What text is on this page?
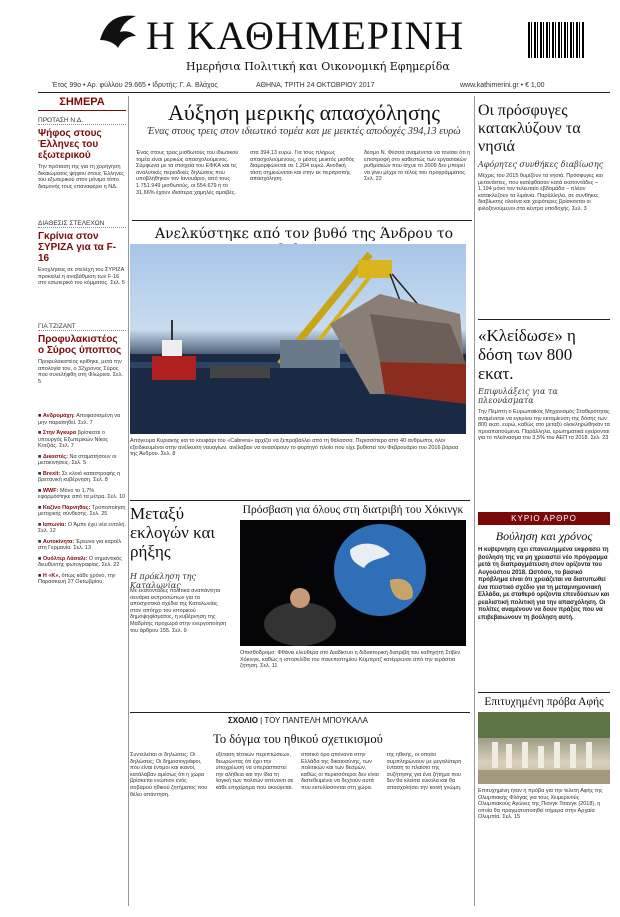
Η ΚΑΘΗΜΕΡΙΝΗ
Ημερήσια Πολιτική και Οικονομική Εφημερίδα
Έτος 99ο • Αρ. φύλλου 29.665 • Ιδρυτής: Γ. Α. Βλάχος	ΑΘΗΝΑ, ΤΡΙΤΗ 24 ΟΚΤΩΒΡΙΟΥ 2017	www.kathimerini.gr • € 1,00
ΣΗΜΕΡΑ
ΠΡΟΤΑΣΗ Ν.Δ.
Ψήφος στους Έλληνες του εξωτερικού
Την πρόταση της για τη χορήγηση δικαιώματος ψήφου στους Έλληνες του εξωτερικού στον μόνιμο τόπο διαμονής τους επαναφέρει η ΝΔ.
ΔΙΑΘΕΣΙΣ ΣΤΕΛΕΧΩΝ
Γκρίνια στον ΣΥΡΙΖΑ για τα F-16
Ενοχλήσεις σε στελέχη του ΣΥΡΙΖΑ προκαλεί η αναβάθμιση των F-16 στο εσωτερικό του κόμματος. Σελ. 5
ΓΙΑ ΤΖΙΖΑΝΤ
Προφυλακιστέος ο Σύρος ύποπτος
Προφυλακιστέος κρίθηκε, μετά την απολογία του, ο 32χρονος Σύρος που συνελήφθη στη Φλώρινα. Σελ. 5
■ Ανδρομάχη: Αποφασισμένη να μην παραιτηθεί. Σελ. 7
■ Στην Άγκυρα βρίσκεται ο υπουργός Εξωτερικών Νίκος Κοτζιάς. Σελ. 7
■ Δικαστές: Να σταματήσουν οι μετακινήσεις. Σελ. 5
■ Brexit: Σε κλοιό καταστροφής η βρετανική κυβέρνηση. Σελ. 8
■ WWF: Μόνο το 1,7% εφαρμόστηκε από τα μέτρα. Σελ. 10
■ Καζίνο Πάρνηθας: Τροποποίηση μετοχικής σύνθεσης. Σελ. 25
■ Ιαπωνία: Ο Άμπε έχει νέα εντολή. Σελ. 12
■ Αυτοκίνητα: Έρευνα για καρτέλ στη Γερμανία. Σελ. 13
■ Ουόλτερ Λάσαλι: Ο σημαντικός διευθυντής φωτογραφίας. Σελ. 22
■ Η «Κ», όπως κάθε χρόνο, την Παρασκευή 27 Οκτωβρίου.
Αύξηση μερικής απασχόλησης
Ένας στους τρεις στον ιδιωτικό τομέα και με μεικτές αποδοχές 394,13 ευρώ
Ένας στους τρεις μισθωτούς του ιδιωτικού τομέα είναι μερικώς απασχολούμενος. Σύμφωνα με τα στοιχεία του ΕΦΚΑ και τις αναλυτικές περιοδικές δηλώσεις που υποβλήθηκαν τον Ιανουάριο, από τους 1.751.949 μισθωτούς, οι 554.679 ή το 31,66% έχουν ιδιαίτερα χαμηλές αμοιβές.
στα 394,13 ευρώ. Για τους πλήρως απασχολούμενους, ο μέσος μεικτός μισθός διαμορφώνεται σε 1.204 ευρώ. Ανοδική τάση σημειώνεται και στην εκ περιτροπής απασχόληση.
δέσμο Ν. Φέσσα αναμένεται να τονίσει ότι η επιστροφή στο καθεστώς των εργασιακών ρυθμίσεων που ίσχυε το 2009 δεν μπορεί να γίνει μέχρι το τέλος του προγράμματος. Σελ. 22
Ανελκύστηκε από τον βυθό της Άνδρου το
Απόγευμα Κυριακής και το κουφάρι του «Cabrera» αρχίζει να ξεπροβάλλει από τη θάλασσα. Περισσότερο από 40 άνθρωποι, όλοι εξειδικευμένοι στην ανέλκυση ναυαγίων, ανέλαβαν να ανασύρουν το φορτηγό πλοίο που είχε βυθιστεί τον Φεβρουάριο του 2016 βόρεια της Άνδρου. Σελ. 8
Οι πρόσφυγες κατακλύζουν τα νησιά
Αφόρητες συνθήκες διαβίωσης
Μέχρις του 2015 θυμίζουν τα νησιά. Πρόσφυγες και μετανάστες, που κατέφθασαν κατά εκατοντάδες – 1.194 μόνο τον τελευταίο εβδομάδα – πλέον κατακλύζουν τα λιμάνια. Παράλληλα, σε συνθήκες διαβίωσης ολοένα και χειρότερες βρίσκονται οι φιλοξενούμενοι στα κέντρα υποδοχής. Σελ. 3
«Κλείδωσε» η δόση των 800 εκατ.
Επιφυλάξεις για τα πλεονάσματα
Την Πέμπτη ο Ευρωπαϊκός Μηχανισμός Σταθερότητας αναμένεται να εγκρίνει την εκταμίευση της δόσης των 800 εκατ. ευρώ, καθώς στο μεταξύ ολοκληρώθηκαν τα προαπαιτούμενα. Παράλληλα, ερωτηματικά εγείρονται για το πλεόνασμα του 3,5% του ΑΕΠ το 2018. Σελ. 23
Μεταξύ εκλογών και ρήξης
Η πρόκληση της Καταλωνίας
Με εκατοντάδες πολιτικά αναπάντητα σενάρια εκπροσώπων για τα αποσχιστικά σχέδια της Καταλωνίας στον απόηχο του ιστορικού δημοψηφίσματος, η κυβέρνηση της Μαδρίτης προχωρά στην ενεργοποίηση του άρθρου 155. Σελ. 9
Πρόσβαση για όλους στη διατριβή του Χόκινγκ
Οπισθόδρομο: Φθάνει ελεύθερα στο Διαδίκτυο η διδακτορική διατριβή του καθηγητή Στίβεν Χόκινγκ, καθώς η ιστοσελίδα του πανεπιστημίου Κέιμπριτζ κατέρρευσε από την τεράστια ζήτηση. Σελ. 11
ΚΥΡΙΟ ΑΡΘΡΟ
Βούληση και χρόνος
Η κυβέρνηση έχει επανειλημμένα εκφράσει τη βούληση της να μη χρειαστεί νέο πρόγραμμα μετά τη διαπραγμάτευση στον ορίζοντα του Αυγούστου 2018. Ωστόσο, το βασικό πρόβλημα είναι ότι χρειάζεται να διατυπωθεί ένα πειστικό σχέδιο για τη μεταμνημονιακή Ελλάδα, με σταθερό ορίζοντα επενδύσεων και ρεαλιστική πολιτική για την απασχόληση. Οι πολίτες αναμένουν να δουν πράξεις που να επιβεβαιώνουν τη βούληση αυτή.
ΣΧΟΛΙΟ | ΤΟΥ ΠΑΝΤΕΛΗ ΜΠΟΥΚΑΛΑ
Το δόγμα του ηθικού σχετικισμού
Συντελείται οι δηλώσεις; Οι δηλώσεις; Οι δημοσιογράφοι, που είναι έντιμοι και ικανοί, κατάλαβαν αμέσως ότι η χώρα βρίσκεται ενώπιον ενός σοβαρού ηθικού ζητήματος που θέλει απάντηση.
εξέταση τέτοιων περιπτώσεων, θεωρώντας ότι έχει την υποχρέωση να υπερασπιστεί την αλήθεια και την ίδια τη λογική των πολιτών απέναντι σε κάθε επιχείρημα που ακούγεται.
στατικό όρο απέναντι στην Ελλάδα της δικαιοσύνης, των πολιτικών και των θεσμών, καθώς οι περισσότεροι δεν είναι διατεθειμένοι να δεχτούν αυτά που εκτυλίσσονται στη χώρα.
της ηθικής, οι οποίοι συμπληρώνουν με μεγαλύτερη ένταση το πλαίσιο της συζήτησης για ένα ζήτημα που δεν θα κλείσει εύκολα και θα απασχολήσει την κοινή γνώμη.
Επιτυχημένη πρόβα Αφής
Επιτυχημένη ήταν η πρόβα για την τελετή Αφής της Ολυμπιακής Φλόγας για τους Χειμερινούς Ολυμπιακούς Αγώνες της Πιονγκ Τσανγκ (2018), η οποία θα πραγματοποιηθεί σήμερα στην Αρχαία Ολυμπία. Σελ. 15
